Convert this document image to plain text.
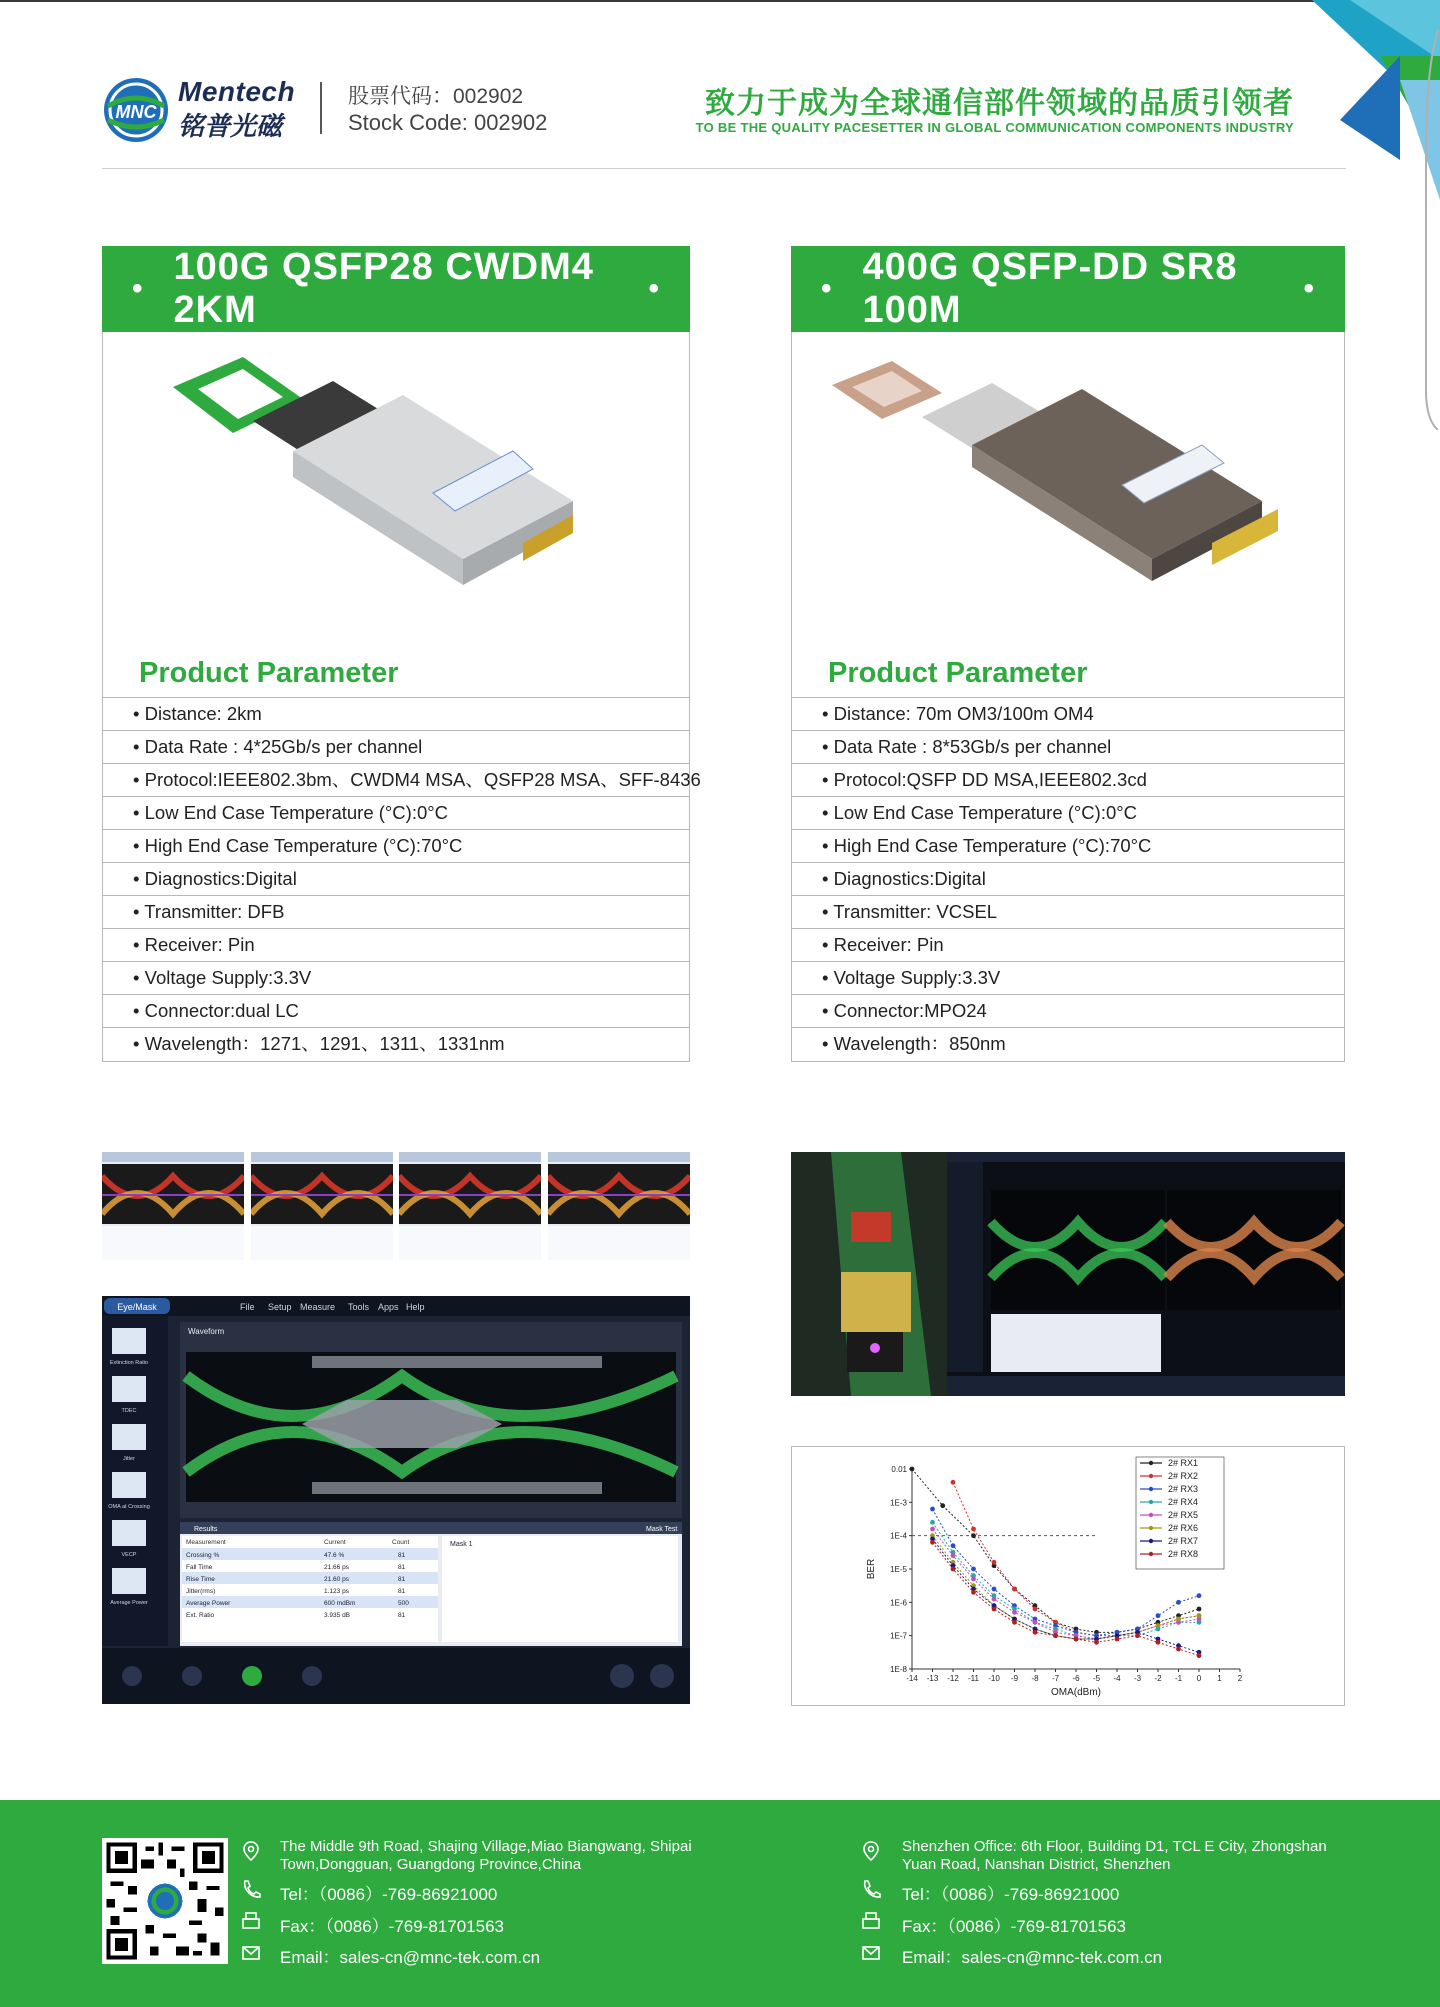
MNC
Mentech
铭普光磁
股票代码：002902
Stock Code: 002902
致力于成为全球通信部件领域的品质引领者
TO BE THE QUALITY PACESETTER IN GLOBAL COMMUNICATION COMPONENTS INDUSTRY
•
100G QSFP28 CWDM4 2KM
•
Product Parameter
• Distance: 2km
• Data Rate : 4*25Gb/s per channel
• Protocol:IEEE802.3bm、CWDM4 MSA、QSFP28 MSA、SFF-8436
• Low End Case Temperature (°C):0°C
• High End Case Temperature (°C):70°C
• Diagnostics:Digital
• Transmitter: DFB
• Receiver: Pin
• Voltage Supply:3.3V
• Connector:dual LC
• Wavelength：1271、1291、1311、1331nm
•
400G QSFP-DD SR8 100M
•
Product Parameter
• Distance: 70m OM3/100m OM4
• Data Rate : 8*53Gb/s per channel
• Protocol:QSFP DD MSA,IEEE802.3cd
• Low End Case Temperature (°C):0°C
• High End Case Temperature (°C):70°C
• Diagnostics:Digital
• Transmitter: VCSEL
• Receiver: Pin
• Voltage Supply:3.3V
• Connector:MPO24
• Wavelength：850nm
Eye/Mask	File Setup Measure Tools Apps Help
Extinction Ratio
TDEC
Jitter
OMA at Crossing
VECP
Average Power
Waveform
Results	Mask Test
Measurement	Current	Count
Crossing %	47.6 %	81
Fall Time	21.66 ps	81
Rise Time	21.60 ps	81
Jitter(rms)	1.123 ps	81
Average Power	600 mdBm	500
Ext. Ratio	3.935 dB	81
Mask 1
-14 -13 -12 -11 -10 -9 -8 -7 -6 -5 -4 -3 -2 -1 0 1 2
0.01
1E-3
1E-4
1E-5
1E-6
1E-7
1E-8
OMA(dBm)
BER
2# RX1
2# RX2
2# RX3
2# RX4
2# RX5
2# RX6
2# RX7
2# RX8
The Middle 9th Road, Shajing Village,Miao Biangwang, Shipai Town,Dongguan, Guangdong Province,China
Tel：（0086）-769-86921000
Fax：（0086）-769-81701563
Email：sales-cn@mnc-tek.com.cn
Shenzhen Office: 6th Floor, Building D1, TCL E City, Zhongshan Yuan Road, Nanshan District, Shenzhen
Tel：（0086）-769-86921000
Fax：（0086）-769-81701563
Email：sales-cn@mnc-tek.com.cn
